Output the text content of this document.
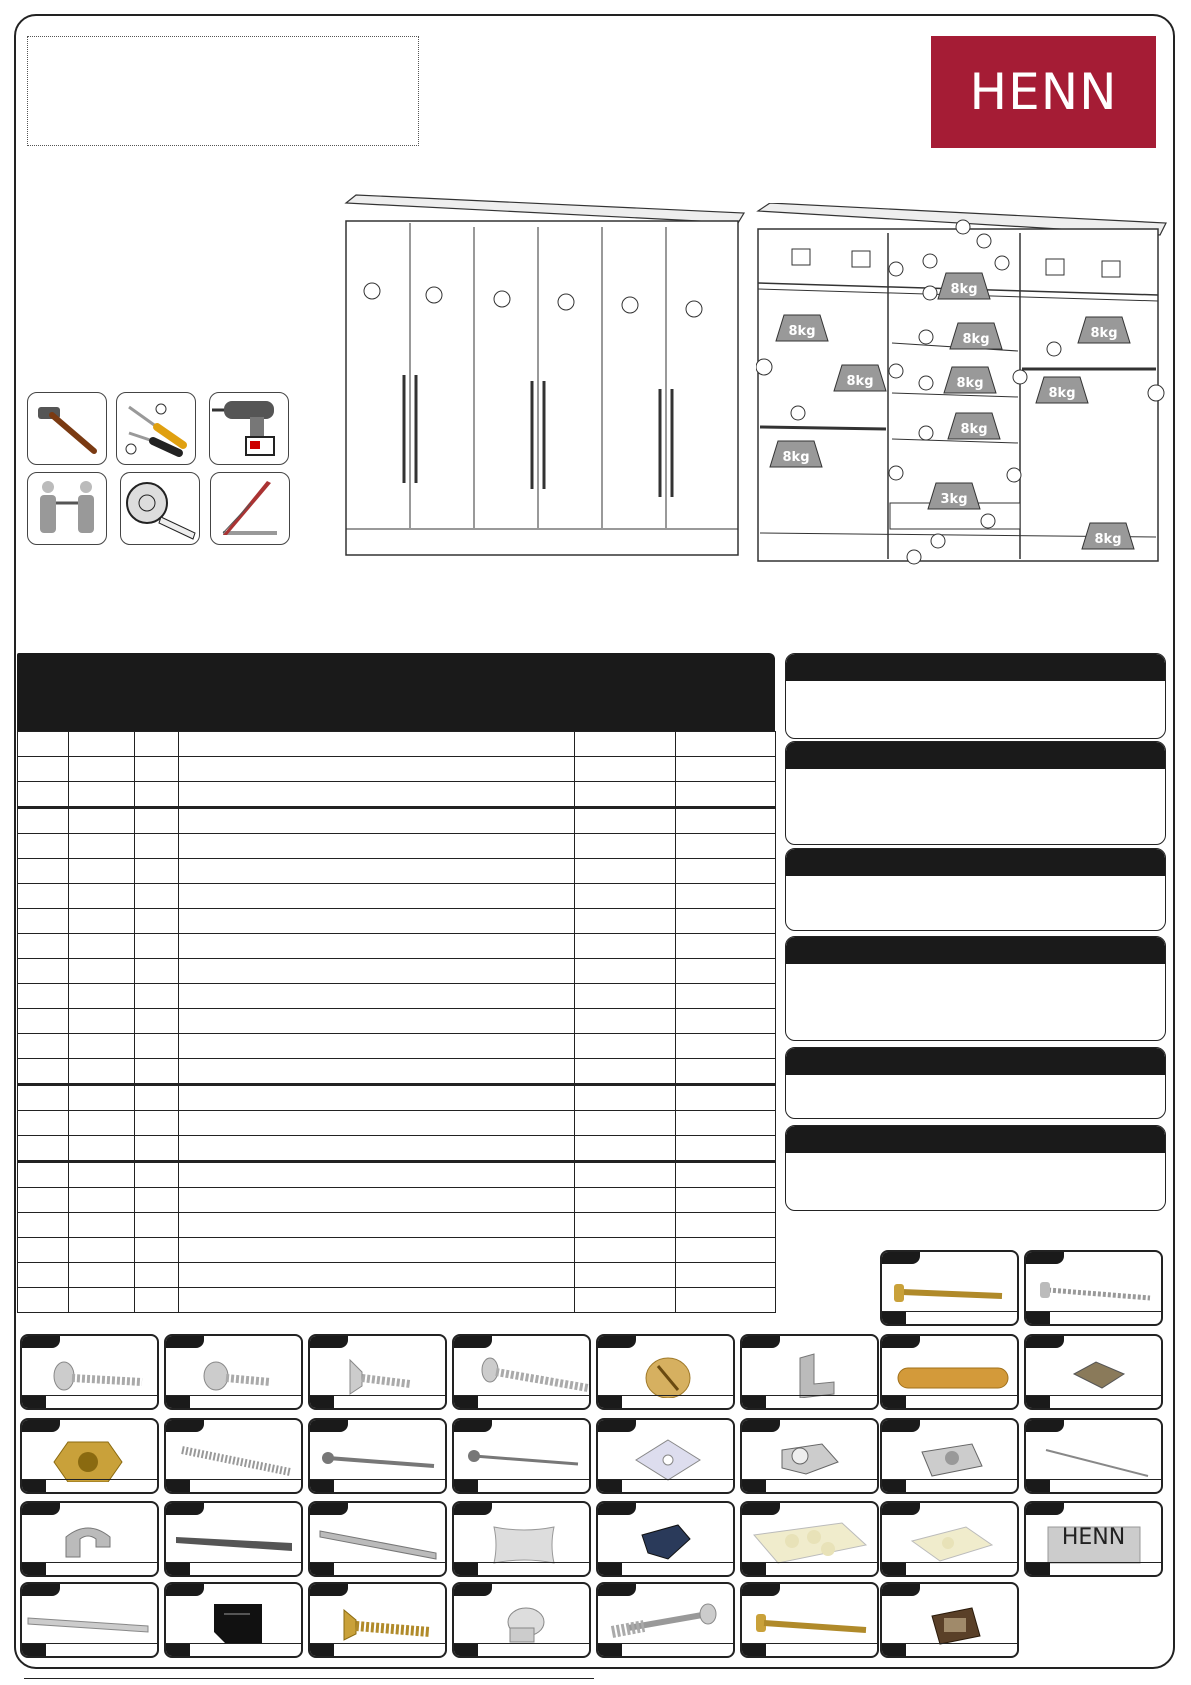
HENN
8kg
8kg
8kg	8kg
8kg	8kg
8kg
8kg
8kg
3kg
8kg

HENN
